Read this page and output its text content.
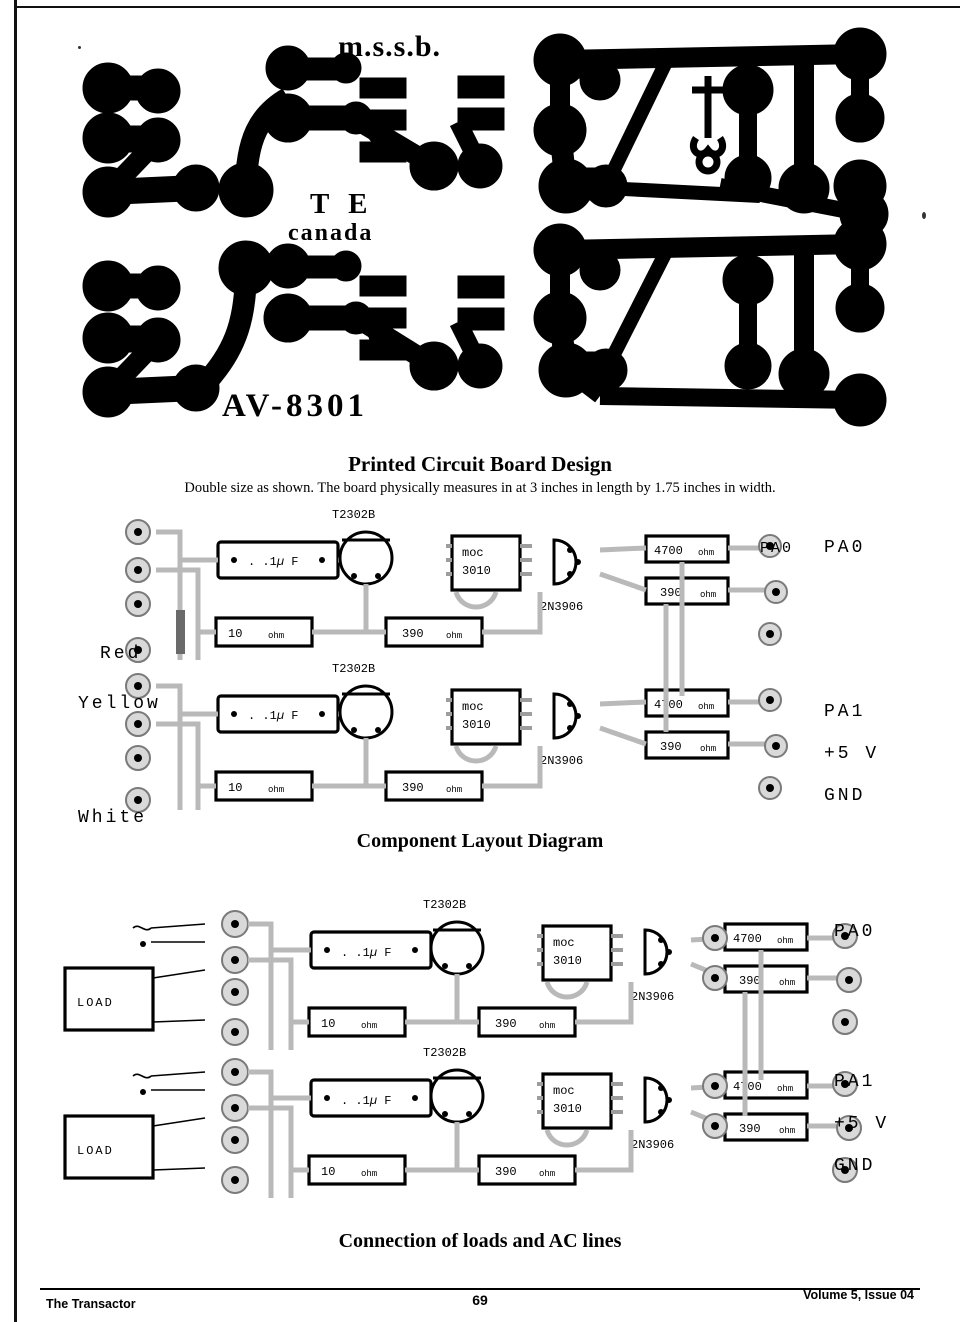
m.s.s.b.
T E
canada
AV-8301
Printed Circuit Board Design
Double size as shown. The board physically measures in at 3 inches in length by 1.75 inches in width.
. .1µ F
T2302B
moc
3010
2N3906
4700 ohm
390 ohm
10	ohm	390 ohm
PA0
. .1µ F
T2302B
moc
3010
2N3906
4700 ohm
390 ohm
10	ohm	390 ohm
Red
Yellow
White
PA0
PA1
+5 V
GND
Component Layout Diagram
LOAD
. .1µ F
T2302B
moc
3010
2N3906
4700 ohm
390 ohm
10	ohm	390 ohm
LOAD
. .1µ F
T2302B
moc
3010
2N3906
4700 ohm
390 ohm
10	ohm	390 ohm
PA0
PA1
+5 V
GND
Connection of loads and AC lines
The Transactor	69	Volume 5, Issue 04
